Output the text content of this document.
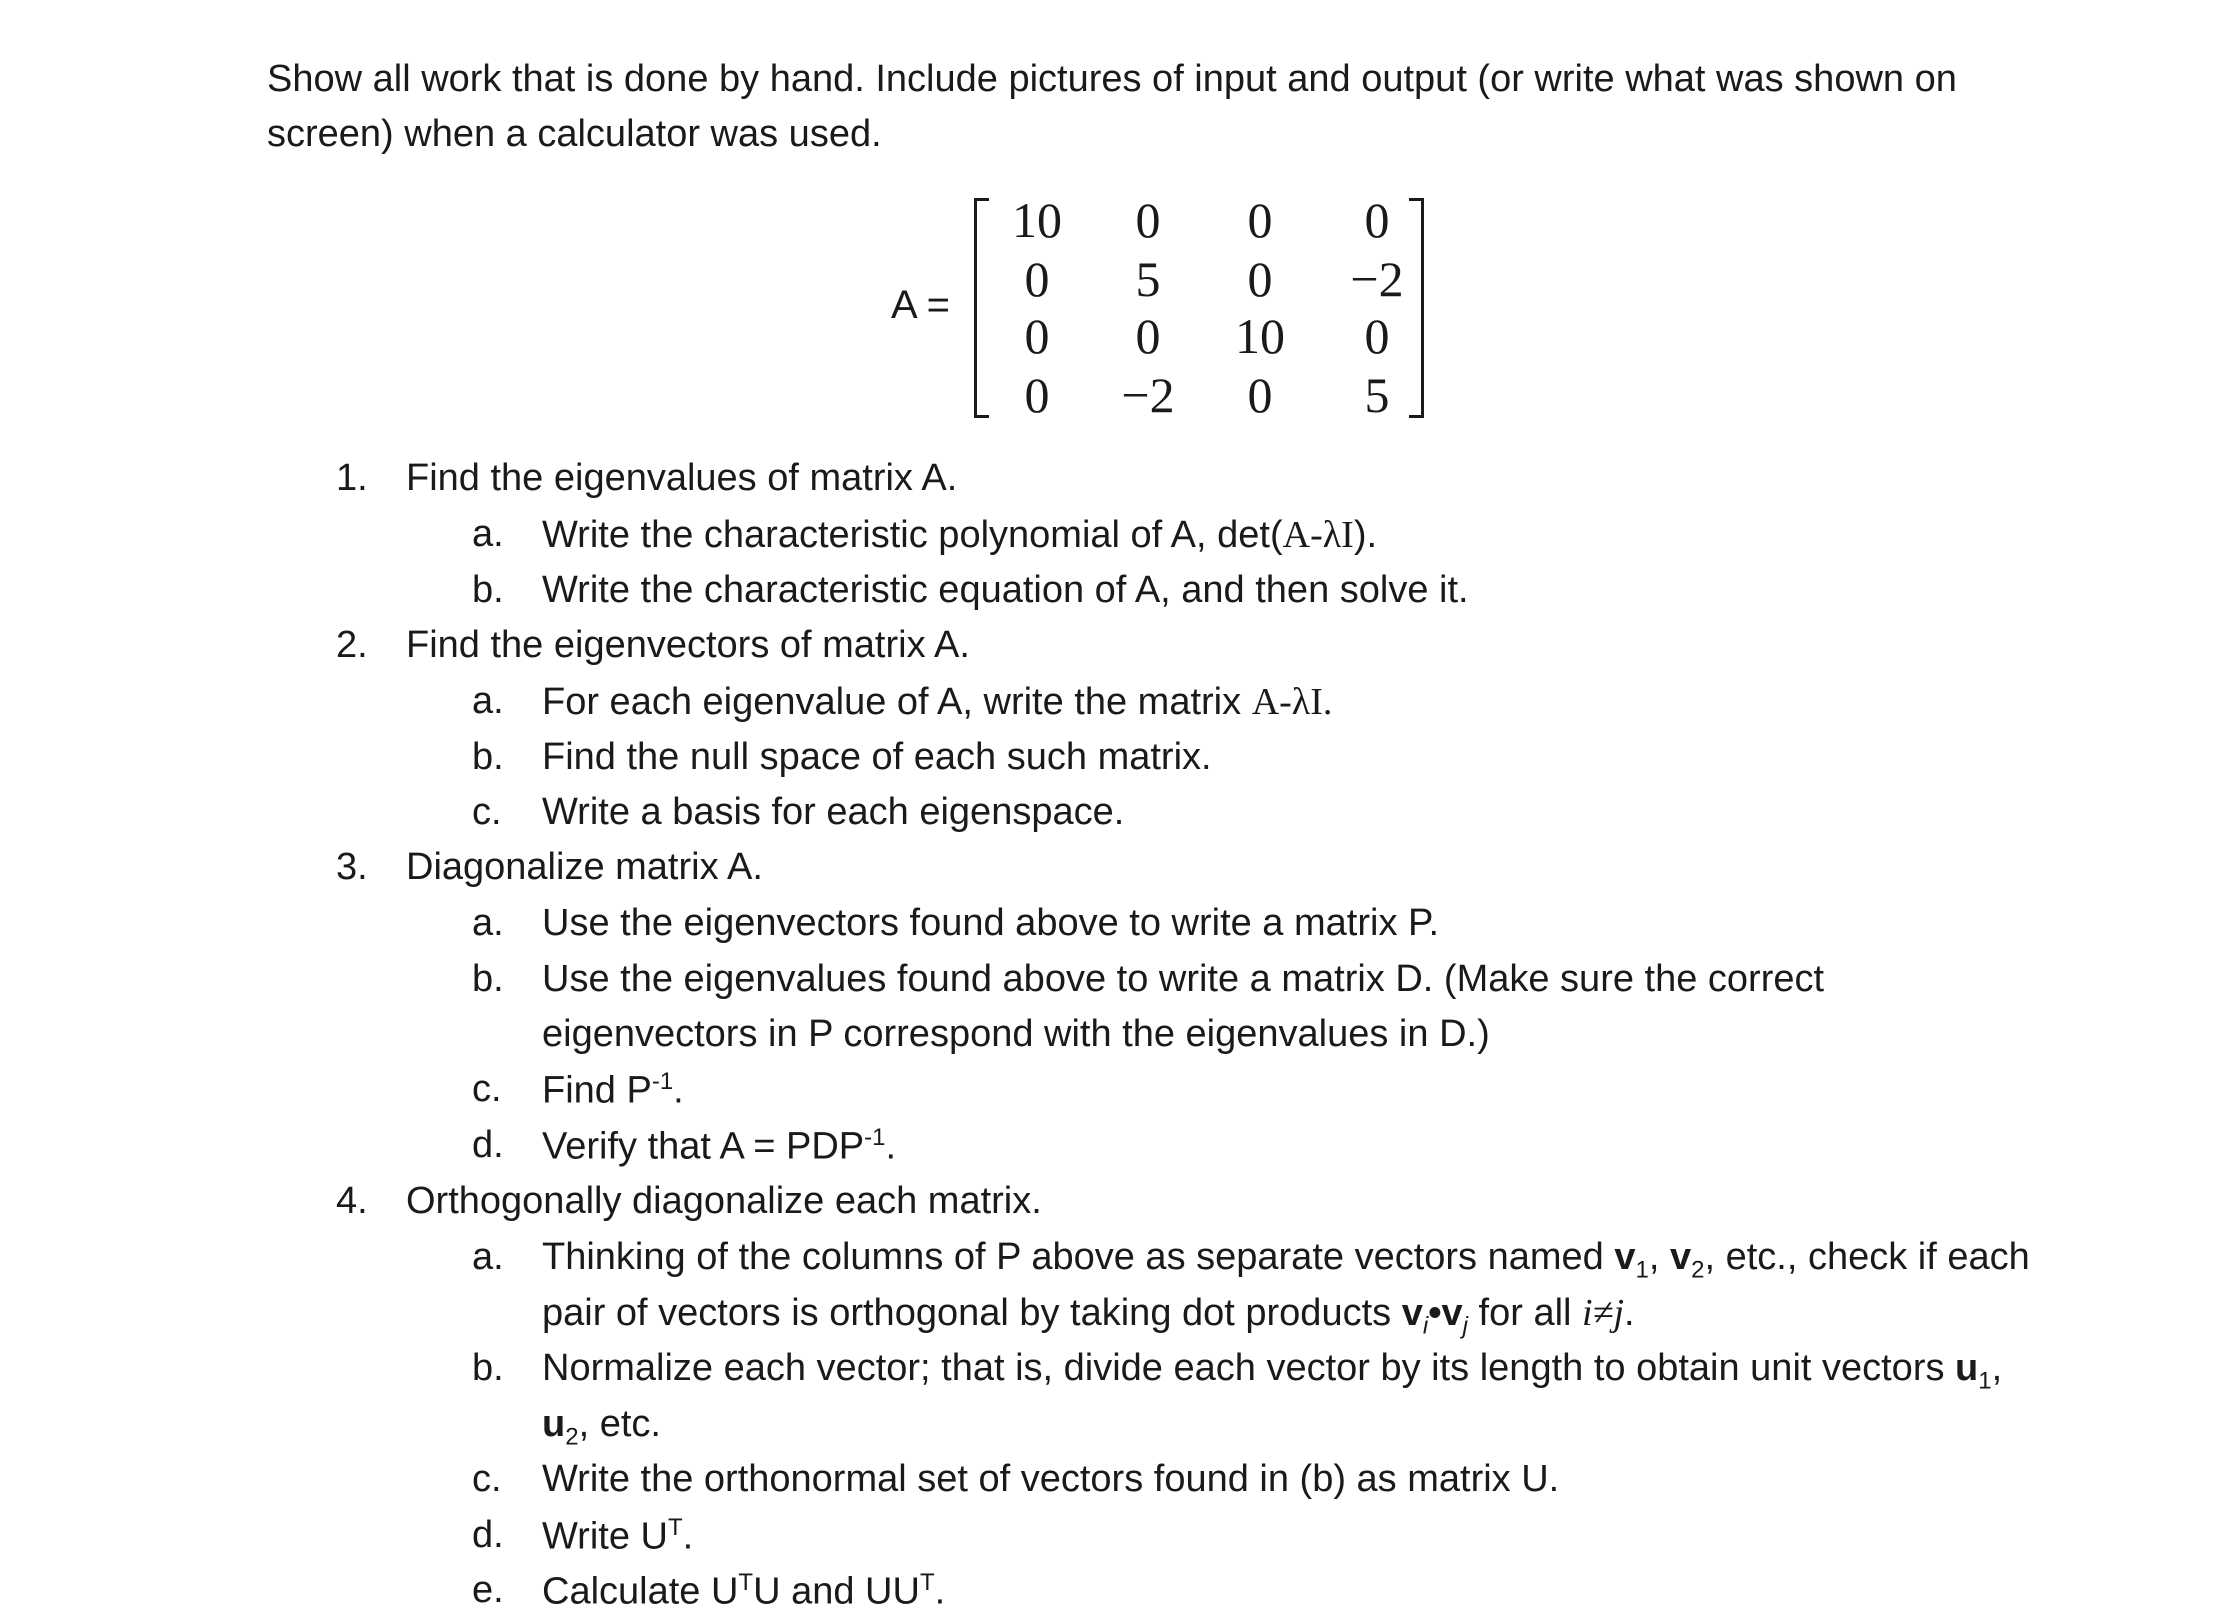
Show all work that is done by hand. Include pictures of input and output (or write what was shown on
screen) when a calculator was used.
A =
10	0	0	0
0	5	0	−2
0	0	10	0
0	−2	0	5
1. Find the eigenvalues of matrix A.
a. Write the characteristic polynomial of A, det(A-λI).
b. Write the characteristic equation of A, and then solve it.
2. Find the eigenvectors of matrix A.
a. For each eigenvalue of A, write the matrix A-λI.
b. Find the null space of each such matrix.
c. Write a basis for each eigenspace.
3. Diagonalize matrix A.
a. Use the eigenvectors found above to write a matrix P.
b. Use the eigenvalues found above to write a matrix D. (Make sure the correct
eigenvectors in P correspond with the eigenvalues in D.)
c. Find $P^{-1}$.
d. Verify that $A = PDP^{-1}$.
4. Orthogonally diagonalize each matrix.
a. Thinking of the columns of P above as separate vectors named $v_1$, $v_2$, etc., check if each
pair of vectors is orthogonal by taking dot products $v_i•v_j$ for all i≠j.
b. Normalize each vector; that is, divide each vector by its length to obtain unit vectors $u_1$,
$u_2$, etc.
c. Write the orthonormal set of vectors found in (b) as matrix U.
d. Write $U^T$.
e. Calculate $U^TU$ and $UU^T$.
